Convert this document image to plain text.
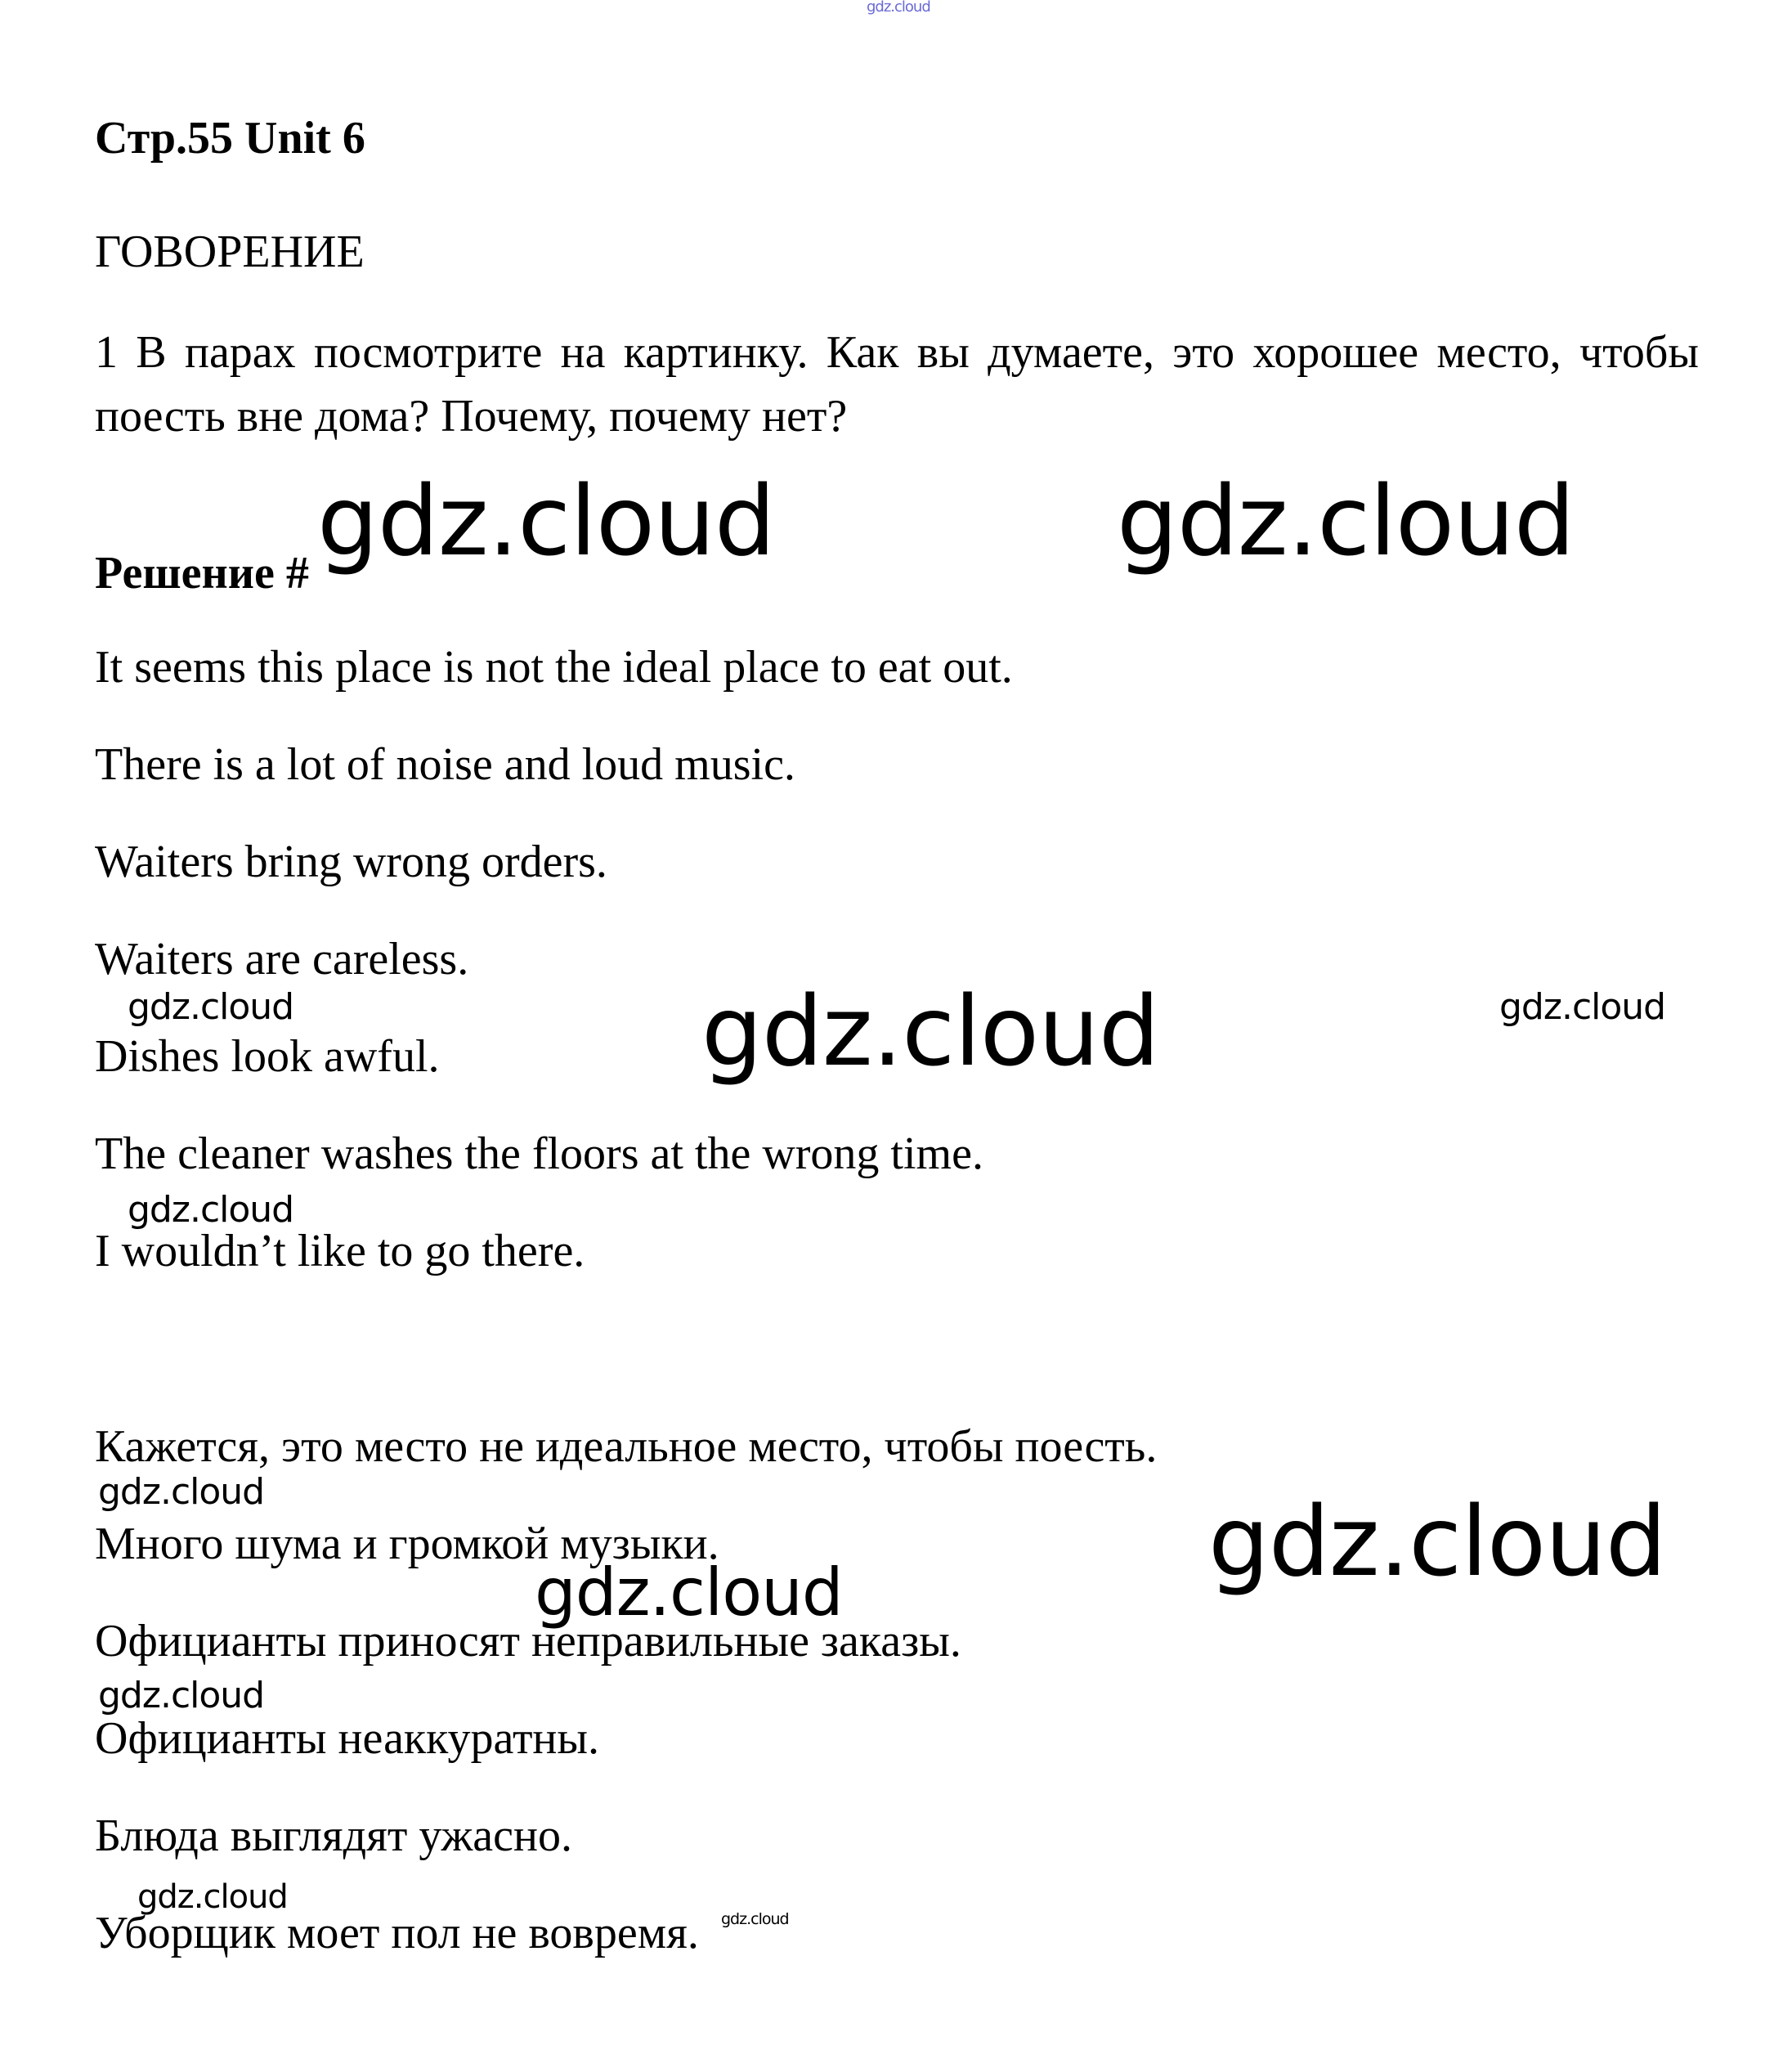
Стр.55 Unit 6
ГОВОРЕНИЕ
1 В парах посмотрите на картинку. Как вы думаете, это хорошее место, чтобы поесть вне дома? Почему, почему нет?
Решение #
It seems this place is not the ideal place to eat out.
There is a lot of noise and loud music.
Waiters bring wrong orders.
Waiters are careless.
Dishes look awful.
The cleaner washes the floors at the wrong time.
I wouldn’t like to go there.
Кажется, это место не идеальное место, чтобы поесть.
Много шума и громкой музыки.
Официанты приносят неправильные заказы.
Официанты неаккуратны.
Блюда выглядят ужасно.
Уборщик моет пол не вовремя.
gdz.cloud
gdz.cloud	gdz.cloud
gdz.cloud	gdz.cloud	gdz.cloud
gdz.cloud
gdz.cloud	gdz.cloud
gdz.cloud
gdz.cloud
gdz.cloud
gdz.cloud
